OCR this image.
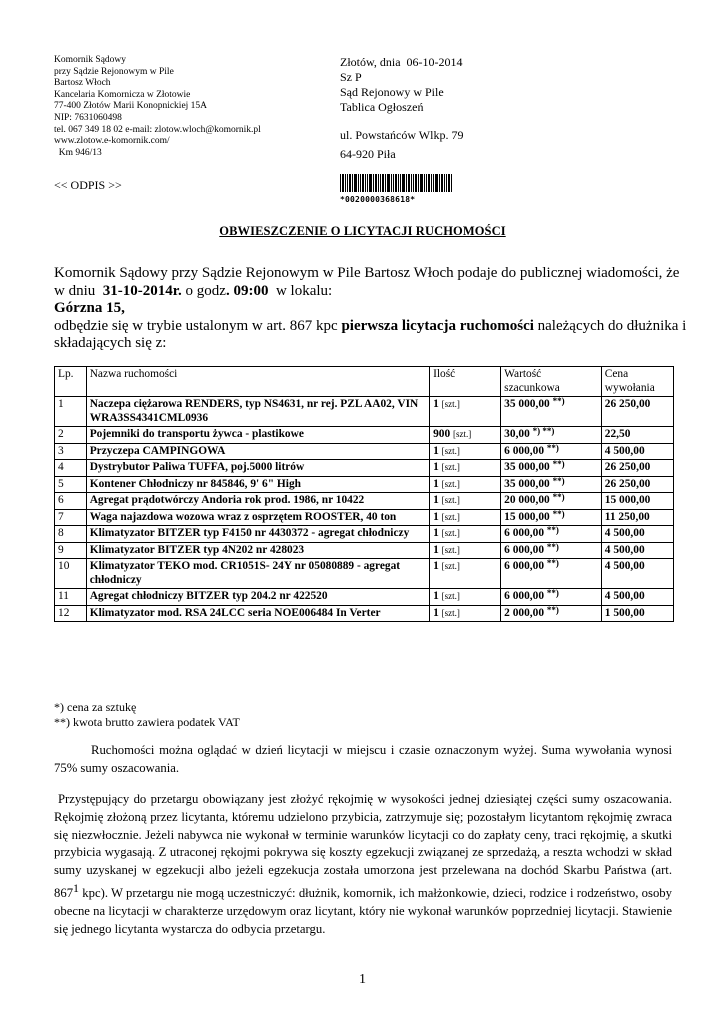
Komornik Sądowy
przy Sądzie Rejonowym w Pile
Bartosz Włoch
Kancelaria Komornicza w Złotowie
77-400 Złotów Marii Konopnickiej 15A
NIP: 7631060498
tel. 067 349 18 02 e-mail: zlotow.wloch@komornik.pl
www.zlotow.e-komornik.com/
Km 946/13
Złotów, dnia  06-10-2014
Sz P
Sąd Rejonowy w Pile
Tablica Ogłoszeń
ul. Powstańców Wlkp. 79
64-920 Piła
<< ODPIS >>
*0020000368618*
OBWIESZCZENIE O LICYTACJI RUCHOMOŚCI
Komornik Sądowy przy Sądzie Rejonowym w Pile Bartosz Włoch podaje do publicznej wiadomości, że
w dniu  31-10-2014r. o godz. 09:00  w lokalu:
Górzna 15,
odbędzie się w trybie ustalonym w art. 867 kpc pierwsza licytacja ruchomości należących do dłużnika i
składających się z:
Lp.	Nazwa ruchomości	Ilość	Wartość szacunkowa	Cena wywołania
1	Naczepa ciężarowa RENDERS, typ NS4631, nr rej. PZL AA02, VIN WRA3SS4341CML0936	1 [szt.]	35 000,00 **)	26 250,00
2	Pojemniki do transportu żywca - plastikowe	900 [szt.]	30,00 *) **)	22,50
3	Przyczepa CAMPINGOWA	1 [szt.]	6 000,00 **)	4 500,00
4	Dystrybutor Paliwa TUFFA, poj.5000 litrów	1 [szt.]	35 000,00 **)	26 250,00
5	Kontener Chłodniczy nr 845846, 9' 6" High	1 [szt.]	35 000,00 **)	26 250,00
6	Agregat prądotwórczy Andoria rok prod. 1986, nr 10422	1 [szt.]	20 000,00 **)	15 000,00
7	Waga najazdowa wozowa wraz z osprzętem ROOSTER, 40 ton	1 [szt.]	15 000,00 **)	11 250,00
8	Klimatyzator BITZER typ F4150 nr 4430372 - agregat chłodniczy	1 [szt.]	6 000,00 **)	4 500,00
9	Klimatyzator BITZER typ 4N202 nr 428023	1 [szt.]	6 000,00 **)	4 500,00
10	Klimatyzator TEKO mod. CR1051S- 24Y nr 05080889 - agregat chłodniczy	1 [szt.]	6 000,00 **)	4 500,00
11	Agregat chłodniczy BITZER typ 204.2 nr 422520	1 [szt.]	6 000,00 **)	4 500,00
12	Klimatyzator mod. RSA 24LCC seria NOE006484 In Verter	1 [szt.]	2 000,00 **)	1 500,00
*) cena za sztukę
**) kwota brutto zawiera podatek VAT
Ruchomości można oglądać w dzień licytacji w miejscu i czasie oznaczonym wyżej. Suma wywołania wynosi 75% sumy oszacowania.
Przystępujący do przetargu obowiązany jest złożyć rękojmię w wysokości jednej dziesiątej części sumy oszacowania. Rękojmię złożoną przez licytanta, któremu udzielono przybicia, zatrzymuje się; pozostałym licytantom rękojmię zwraca się niezwłocznie. Jeżeli nabywca nie wykonał w terminie warunków licytacji co do zapłaty ceny, traci rękojmię, a skutki przybicia wygasają. Z utraconej rękojmi pokrywa się koszty egzekucji związanej ze sprzedażą, a reszta wchodzi w skład sumy uzyskanej w egzekucji albo jeżeli egzekucja została umorzona jest przelewana na dochód Skarbu Państwa (art. $867^1$ kpc). W przetargu nie mogą uczestniczyć: dłużnik, komornik, ich małżonkowie, dzieci, rodzice i rodzeństwo, osoby obecne na licytacji w charakterze urzędowym oraz licytant, który nie wykonał warunków poprzedniej licytacji. Stawienie się jednego licytanta wystarcza do odbycia przetargu.
1
